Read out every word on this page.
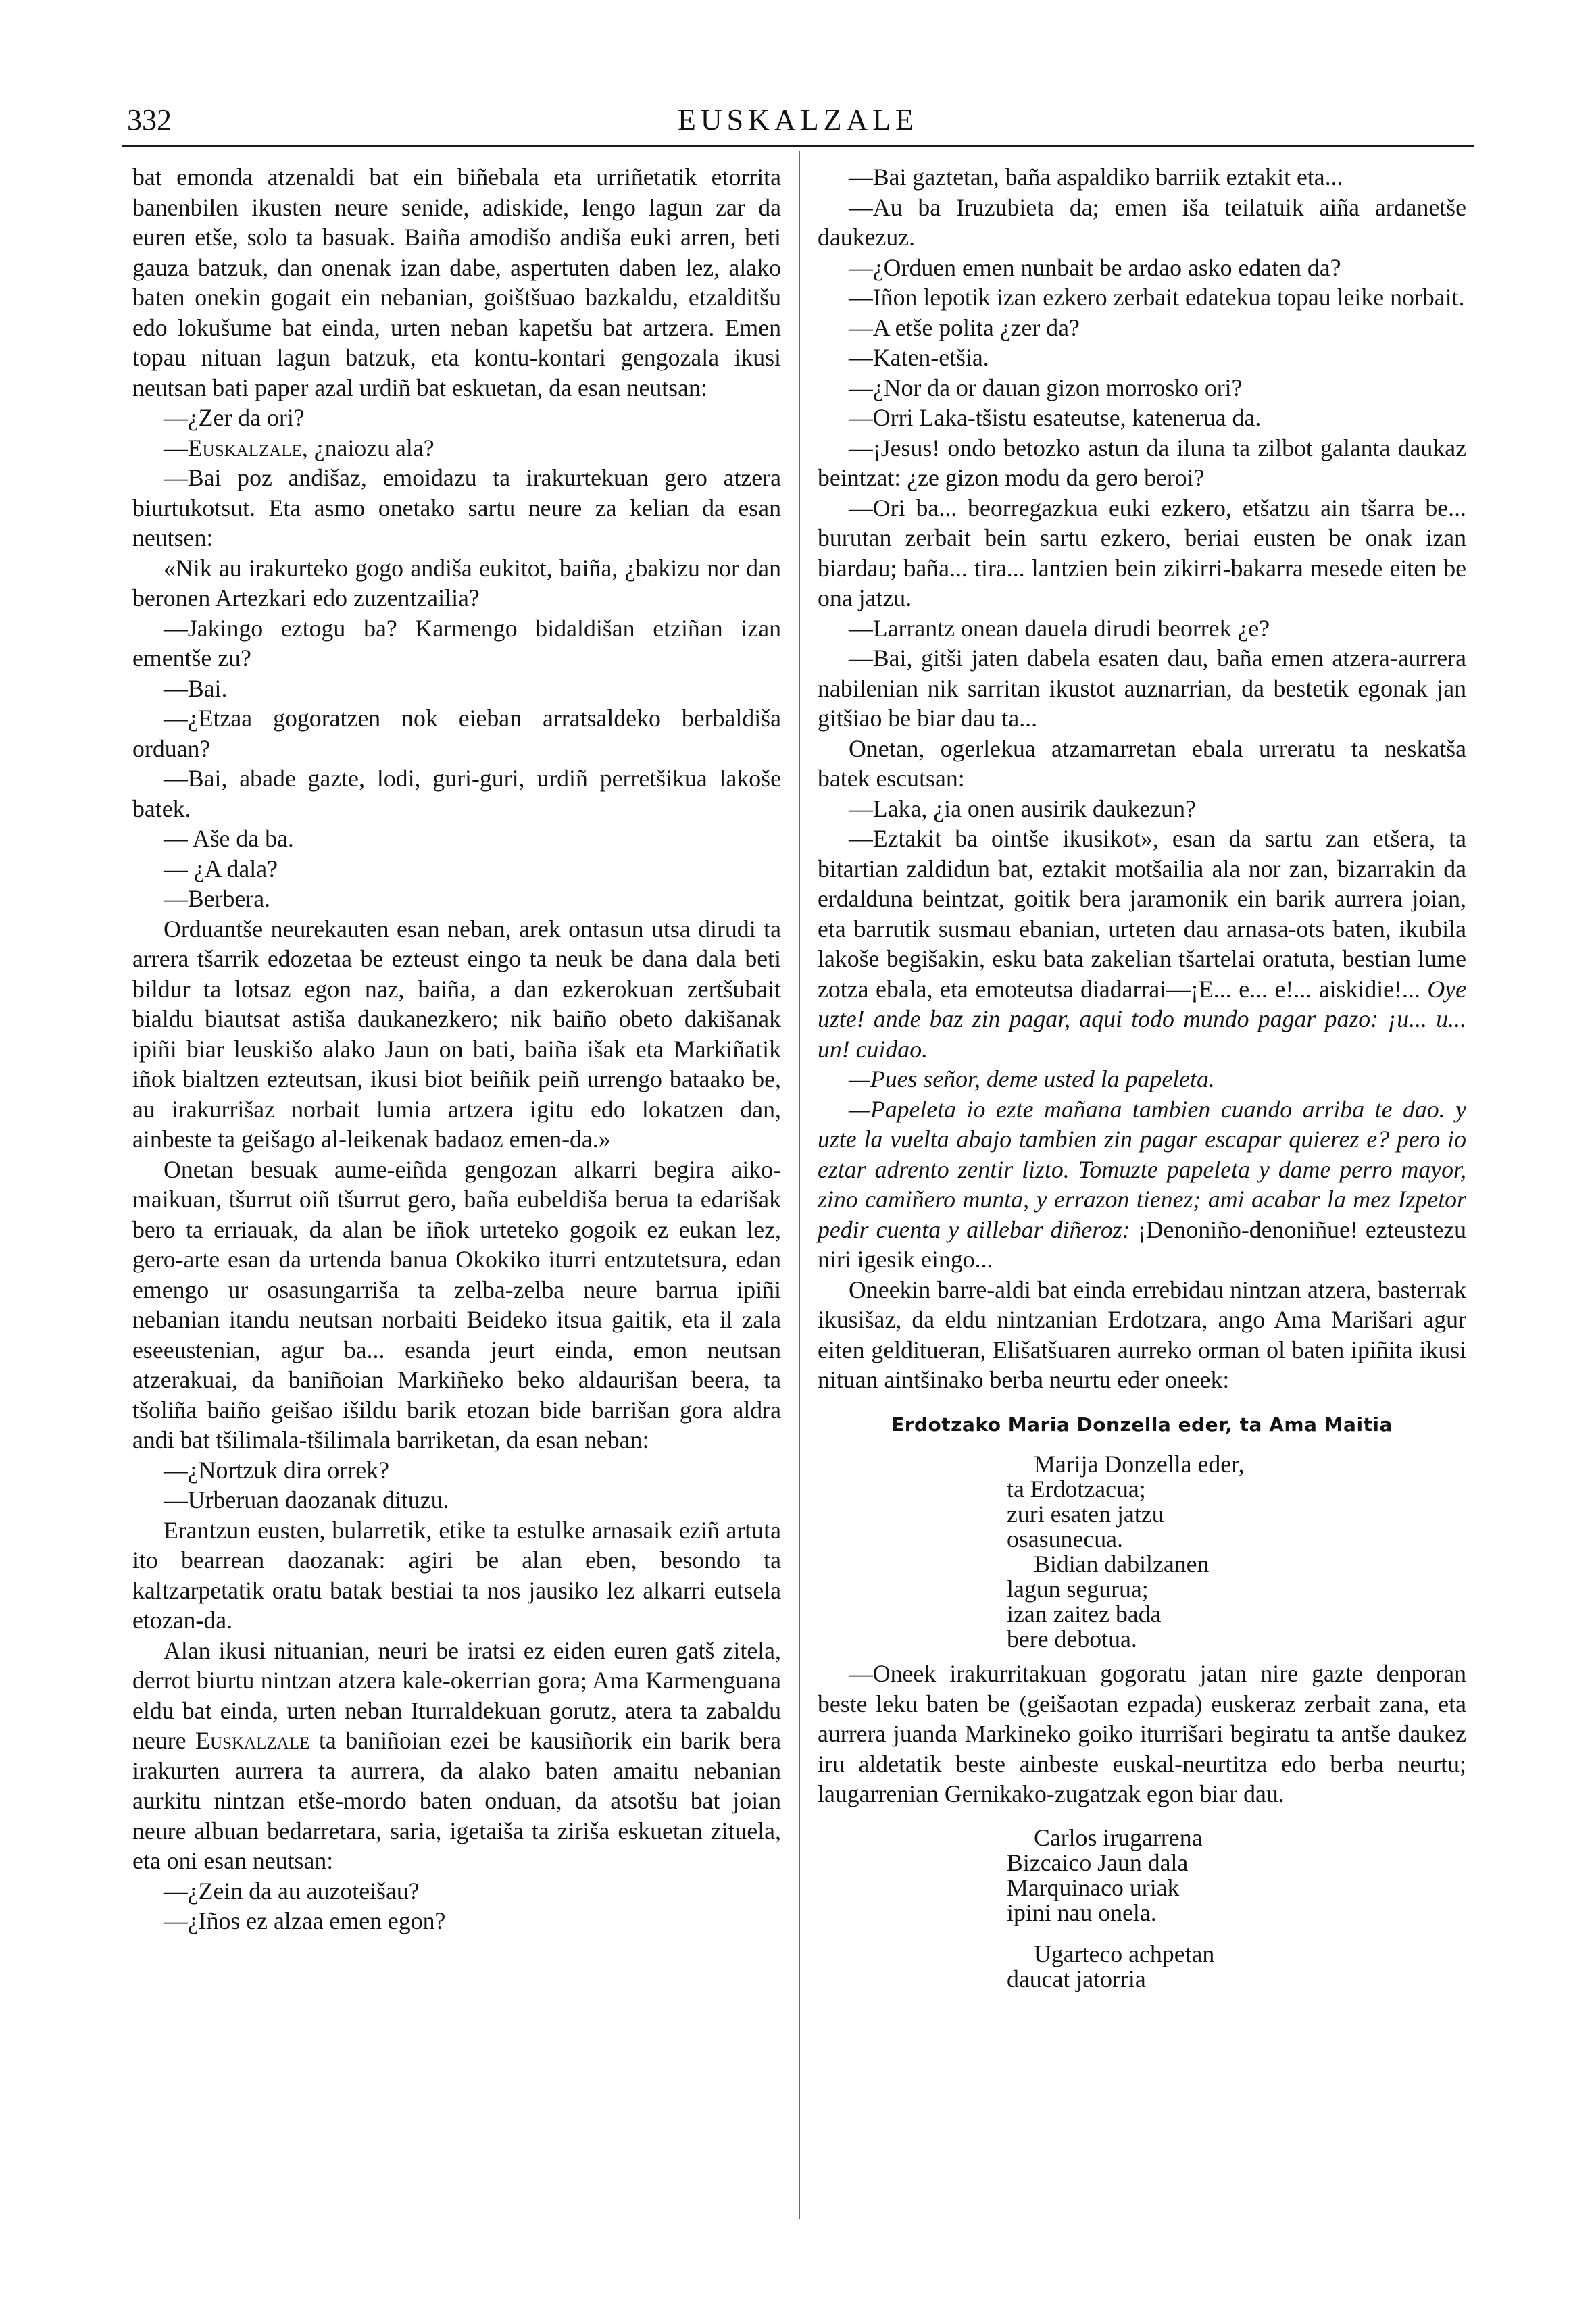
332	EUSKALZALE

bat emonda atzenaldi bat ein biñebala eta urriñetatik etorrita banenbilen ikusten neure senide, adiskide, lengo lagun zar da euren etše, solo ta basuak. Baiña amodišo andiša euki arren, beti gauza batzuk, dan onenak izan dabe, aspertuten daben lez, alako baten onekin gogait ein nebanian, goištšuao bazkaldu, etzalditšu edo lokušume bat einda, urten neban kapetšu bat artzera. Emen topau nituan lagun batzuk, eta kontu-kontari gengozala ikusi neutsan bati paper azal urdiñ bat eskuetan, da esan neutsan:

—¿Zer da ori?

—Euskalzale, ¿naiozu ala?

—Bai poz andišaz, emoidazu ta irakurtekuan gero atzera biurtukotsut. Eta asmo onetako sartu neure za kelian da esan neutsen:

«Nik au irakurteko gogo andiša eukitot, baiña, ¿bakizu nor dan beronen Artezkari edo zuzentzailia?

—Jakingo eztogu ba? Karmengo bidaldišan etziñan izan ementše zu?

—Bai.

—¿Etzaa gogoratzen nok eieban arratsaldeko berbaldiša orduan?

—Bai, abade gazte, lodi, guri-guri, urdiñ perretšikua lakoše batek.

— Aše da ba.

— ¿A dala?

—Berbera.

Orduantše neurekauten esan neban, arek ontasun utsa dirudi ta arrera tšarrik edozetaa be ezteust eingo ta neuk be dana dala beti bildur ta lotsaz egon naz, baiña, a dan ezkerokuan zertšubait bialdu biautsat astiša daukanezkero; nik baiño obeto dakišanak ipiñi biar leuskišo alako Jaun on bati, baiña išak eta Markiñatik iñok bialtzen ezteutsan, ikusi biot beiñik peiñ urrengo bataako be, au irakurrišaz norbait lumia artzera igitu edo lokatzen dan, ainbeste ta geišago al-leikenak badaoz emen-da.»

Onetan besuak aume-eiñda gengozan alkarri begira aiko-maikuan, tšurrut oiñ tšurrut gero, baña eubeldiša berua ta edarišak bero ta erriauak, da alan be iñok urteteko gogoik ez eukan lez, gero-arte esan da urtenda banua Okokiko iturri entzutetsura, edan emengo ur osasungarriša ta zelba-zelba neure barrua ipiñi nebanian itandu neutsan norbaiti Beideko itsua gaitik, eta il zala eseeustenian, agur ba... esanda jeurt einda, emon neutsan atzerakuai, da baniñoian Markiñeko beko aldaurišan beera, ta tšoliña baiño geišao išildu barik etozan bide barrišan gora aldra andi bat tšilimala-tšilimala barriketan, da esan neban:

—¿Nortzuk dira orrek?

—Urberuan daozanak dituzu.

Erantzun eusten, bularretik, etike ta estulke arnasaik eziñ artuta ito bearrean daozanak: agiri be alan eben, besondo ta kaltzarpetatik oratu batak bestiai ta nos jausiko lez alkarri eutsela etozan-da.

Alan ikusi nituanian, neuri be iratsi ez eiden euren gatš zitela, derrot biurtu nintzan atzera kale-okerrian gora; Ama Karmenguana eldu bat einda, urten neban Iturraldekuan gorutz, atera ta zabaldu neure Euskalzale ta baniñoian ezei be kausiñorik ein barik bera irakurten aurrera ta aurrera, da alako baten amaitu nebanian aurkitu nintzan etše-mordo baten onduan, da atsotšu bat joian neure albuan bedarretara, saria, igetaiša ta ziriša eskuetan zituela, eta oni esan neutsan:

—¿Zein da au auzoteišau?

—¿Iños ez alzaa emen egon?

—Bai gaztetan, baña aspaldiko barriik eztakit eta...

—Au ba Iruzubieta da; emen iša teilatuik aiña ardanetše daukezuz.

—¿Orduen emen nunbait be ardao asko edaten da?

—Iñon lepotik izan ezkero zerbait edatekua topau leike norbait.

—A etše polita ¿zer da?

—Katen-etšia.

—¿Nor da or dauan gizon morrosko ori?

—Orri Laka-tšistu esateutse, katenerua da.

—¡Jesus! ondo betozko astun da iluna ta zilbot galanta daukaz beintzat: ¿ze gizon modu da gero beroi?

—Ori ba... beorregazkua euki ezkero, etšatzu ain tšarra be... burutan zerbait bein sartu ezkero, beriai eusten be onak izan biardau; baña... tira... lantzien bein zikirri-bakarra mesede eiten be ona jatzu.

—Larrantz onean dauela dirudi beorrek ¿e?

—Bai, gitši jaten dabela esaten dau, baña emen atzera-aurrera nabilenian nik sarritan ikustot auznarrian, da bestetik egonak jan gitšiao be biar dau ta...

Onetan, ogerlekua atzamarretan ebala urreratu ta neskatša batek escutsan:

—Laka, ¿ia onen ausirik daukezun?

—Eztakit ba ointše ikusikot», esan da sartu zan etšera, ta bitartian zaldidun bat, eztakit motšailia ala nor zan, bizarrakin da erdalduna beintzat, goitik bera jaramonik ein barik aurrera joian, eta barrutik susmau ebanian, urteten dau arnasa-ots baten, ikubila lakoše begišakin, esku bata zakelian tšartelai oratuta, bestian lume zotza ebala, eta emoteutsa diadarrai—¡E... e... e!... aiskidie!... Oye uzte! ande baz zin pagar, aqui todo mundo pagar pazo: ¡u... u... un! cuidao.

—Pues señor, deme usted la papeleta.

—Papeleta io ezte mañana tambien cuando arriba te dao. y uzte la vuelta abajo tambien zin pagar escapar quierez e? pero io eztar adrento zentir lizto. Tomuzte papeleta y dame perro mayor, zino camiñero munta, y errazon tienez; ami acabar la mez Izpetor pedir cuenta y aillebar diñeroz: ¡Denoniño-denoniñue! ezteustezu niri igesik eingo...

Oneekin barre-aldi bat einda errebidau nintzan atzera, basterrak ikusišaz, da eldu nintzanian Erdotzara, ango Ama Marišari agur eiten gelditueran, Elišatšuaren aurreko orman ol baten ipiñita ikusi nituan aintšinako berba neurtu eder oneek:

Erdotzako Maria Donzella eder, ta Ama Maitia

Marija Donzella eder,
ta Erdotzacua;
zuri esaten jatzu
osasunecua.
Bidian dabilzanen
lagun segurua;
izan zaitez bada
bere debotua.

—Oneek irakurritakuan gogoratu jatan nire gazte denporan beste leku baten be (geišaotan ezpada) euskeraz zerbait zana, eta aurrera juanda Markineko goiko iturrišari begiratu ta antše daukez iru aldetatik beste ainbeste euskal-neurtitza edo berba neurtu; laugarrenian Gernikako-zugatzak egon biar dau.

Carlos irugarrena
Bizcaico Jaun dala
Marquinaco uriak
ipini nau onela.
Ugarteco achpetan
daucat jatorria
